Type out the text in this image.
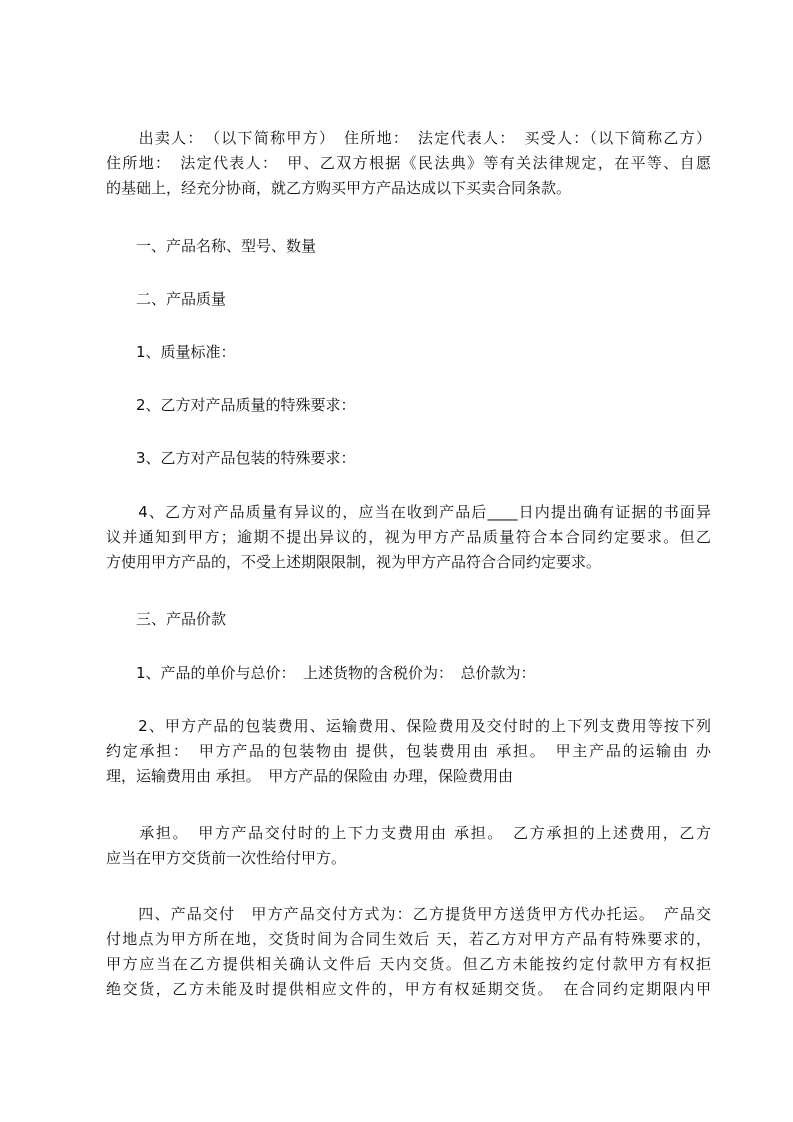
　　出卖人：　（以下简称甲方）　住所地：　法定代表人：　买受人：（以下简称乙方）
住所地：　法定代表人：　甲、乙双方根据《民法典》等有关法律规定，在平等、自愿
的基础上，经充分协商，就乙方购买甲方产品达成以下买卖合同条款。
　　一、产品名称、型号、数量
　　二、产品质量
　　1、质量标准：
　　2、乙方对产品质量的特殊要求：
　　3、乙方对产品包装的特殊要求：
　　4、乙方对产品质量有异议的，应当在收到产品后____日内提出确有证据的书面异
议并通知到甲方；逾期不提出异议的，视为甲方产品质量符合本合同约定要求。但乙
方使用甲方产品的，不受上述期限限制，视为甲方产品符合合同约定要求。
　　三、产品价款
　　1、产品的单价与总价：　上述货物的含税价为：　总价款为：
　　2、甲方产品的包装费用、运输费用、保险费用及交付时的上下列支费用等按下列
约定承担：　甲方产品的包装物由 提供，包装费用由 承担。　甲主产品的运输由 办
理，运输费用由 承担。　甲方产品的保险由 办理，保险费用由
　　承担。　甲方产品交付时的上下力支费用由 承担。　乙方承担的上述费用，乙方
应当在甲方交货前一次性给付甲方。
　　四、产品交付　甲方产品交付方式为：乙方提货甲方送货甲方代办托运。　产品交
付地点为甲方所在地，交货时间为合同生效后 天，若乙方对甲方产品有特殊要求的，
甲方应当在乙方提供相关确认文件后 天内交货。但乙方未能按约定付款甲方有权拒
绝交货，乙方未能及时提供相应文件的，甲方有权延期交货。　在合同约定期限内甲
